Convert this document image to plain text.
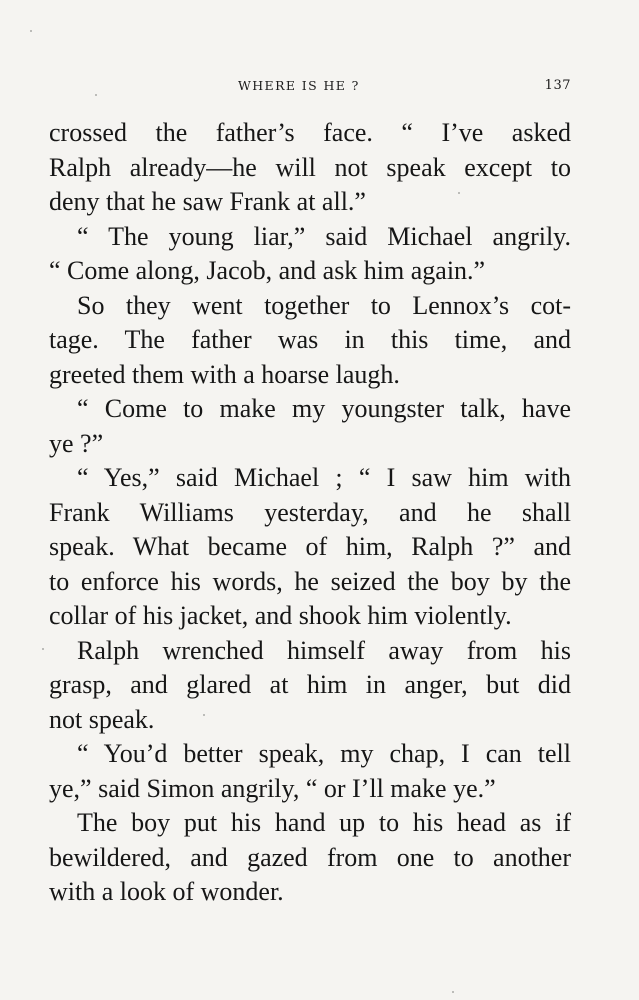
WHERE IS HE ?	137
crossed the father’s face. “ I’ve asked
Ralph already—he will not speak except to
deny that he saw Frank at all.”
“ The young liar,” said Michael angrily.
“ Come along, Jacob, and ask him again.”
So they went together to Lennox’s cot-
tage. The father was in this time, and
greeted them with a hoarse laugh.
“ Come to make my youngster talk, have
ye ?”
“ Yes,” said Michael ; “ I saw him with
Frank Williams yesterday, and he shall
speak. What became of him, Ralph ?” and
to enforce his words, he seized the boy by the
collar of his jacket, and shook him violently.
Ralph wrenched himself away from his
grasp, and glared at him in anger, but did
not speak.
“ You’d better speak, my chap, I can tell
ye,” said Simon angrily, “ or I’ll make ye.”
The boy put his hand up to his head as if
bewildered, and gazed from one to another
with a look of wonder.
